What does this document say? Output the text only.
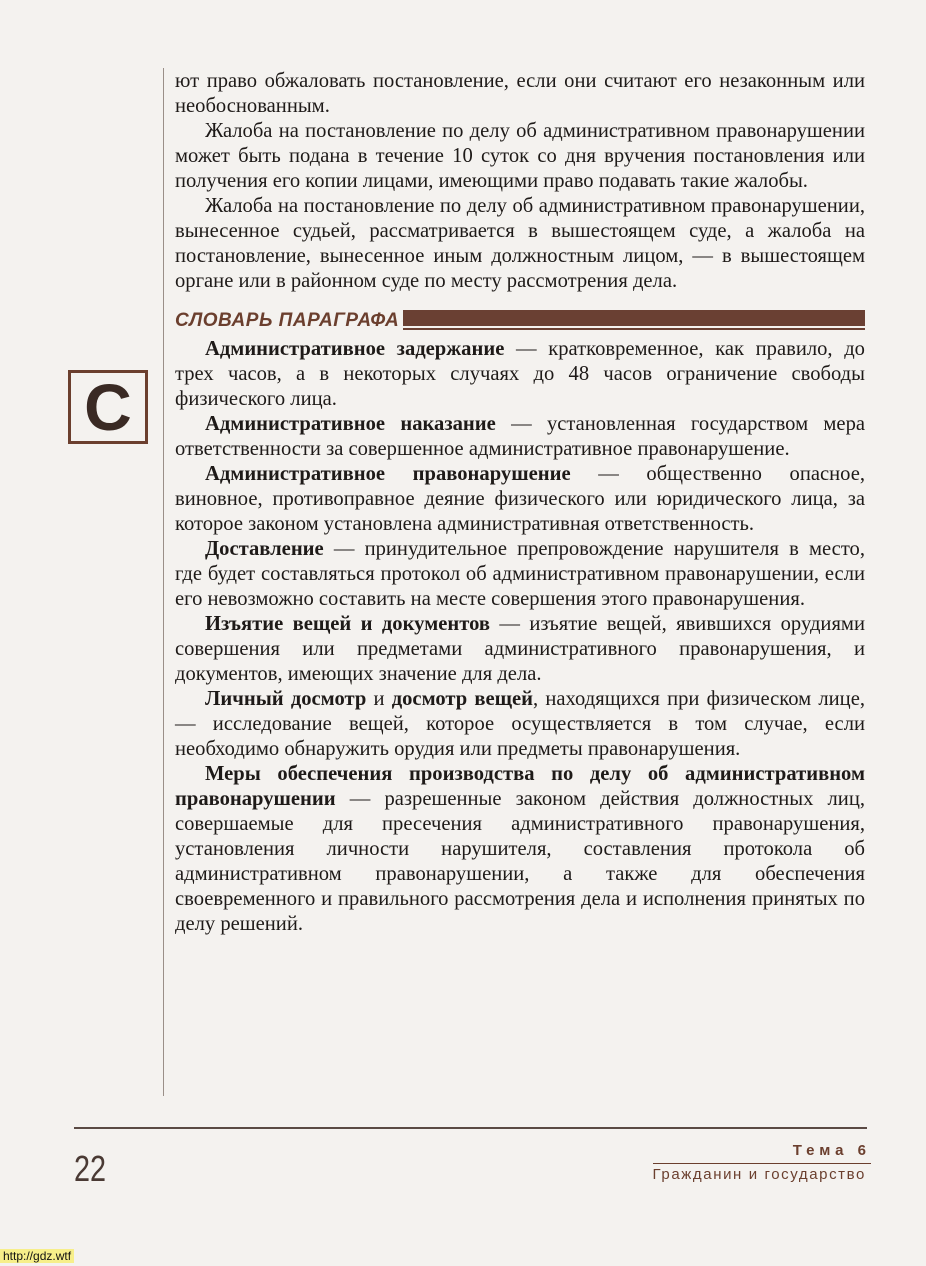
С

ют право обжаловать постановление, если они считают его незаконным или необоснованным.

Жалоба на постановление по делу об административном правонарушении может быть подана в течение 10 суток со дня вручения постановления или получения его копии лицами, имеющими право подавать такие жалобы.

Жалоба на постановление по делу об административном правонарушении, вынесенное судьей, рассматривается в вышестоящем суде, а жалоба на постановление, вынесенное иным должностным лицом, — в вышестоящем органе или в районном суде по месту рассмотрения дела.

СЛОВАРЬ ПАРАГРАФА

Административное задержание — кратковременное, как правило, до трех часов, а в некоторых случаях до 48 часов ограничение свободы физического лица.

Административное наказание — установленная государством мера ответственности за совершенное административное правонарушение.

Административное правонарушение — общественно опасное, виновное, противоправное деяние физического или юридического лица, за которое законом установлена административная ответственность.

Доставление — принудительное препровождение нарушителя в место, где будет составляться протокол об административном правонарушении, если его невозможно составить на месте совершения этого правонарушения.

Изъятие вещей и документов — изъятие вещей, явившихся орудиями совершения или предметами административного правонарушения, и документов, имеющих значение для дела.

Личный досмотр и досмотр вещей, находящихся при физическом лице, — исследование вещей, которое осуществляется в том случае, если необходимо обнаружить орудия или предметы правонарушения.

Меры обеспечения производства по делу об административном правонарушении — разрешенные законом действия должностных лиц, совершаемые для пресечения административного правонарушения, установления личности нарушителя, составления протокола об административном правонарушении, а также для обеспечения своевременного и правильного рассмотрения дела и исполнения принятых по делу решений.

22	Тема 6
Гражданин и государство
http://gdz.wtf
